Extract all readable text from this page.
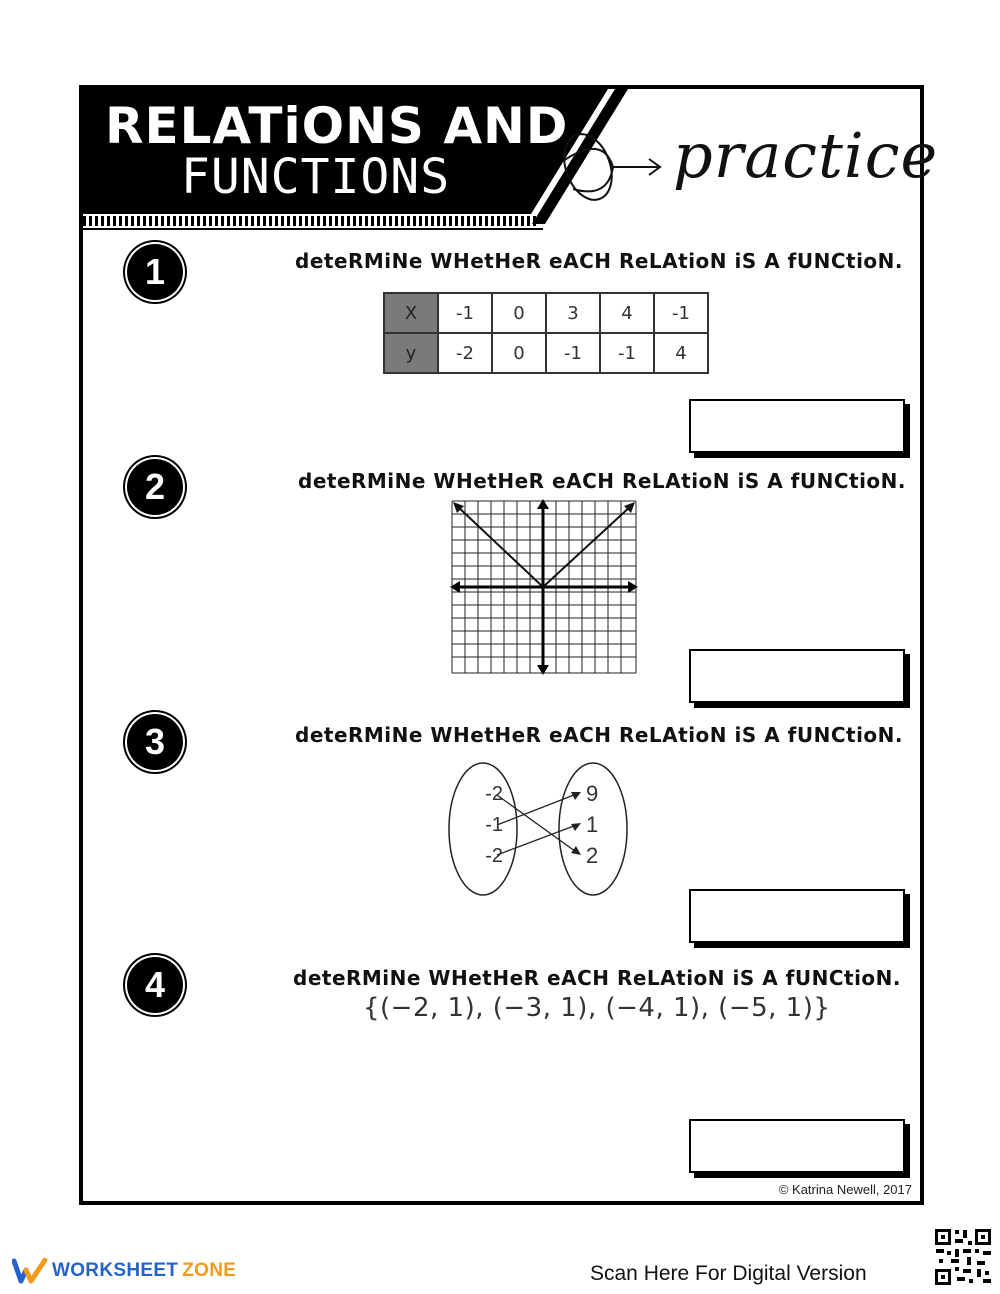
RELATiONS AND
FUNCTIONS	practice
1	deteRMiNe WHetHeR eACH ReLAtioN iS A fUNCtioN.
X	-1	0	3	4	-1
y	-2	0	-1	-1	4
2	deteRMiNe WHetHeR eACH ReLAtioN iS A fUNCtioN.
3	deteRMiNe WHetHeR eACH ReLAtioN iS A fUNCtioN.
-2
-1
-2
9
1
2
4	deteRMiNe WHetHeR eACH ReLAtioN iS A fUNCtioN.
{(−2, 1), (−3, 1), (−4, 1), (−5, 1)}
© Katrina Newell, 2017
WORKSHEET ZONE	Scan Here For Digital Version
